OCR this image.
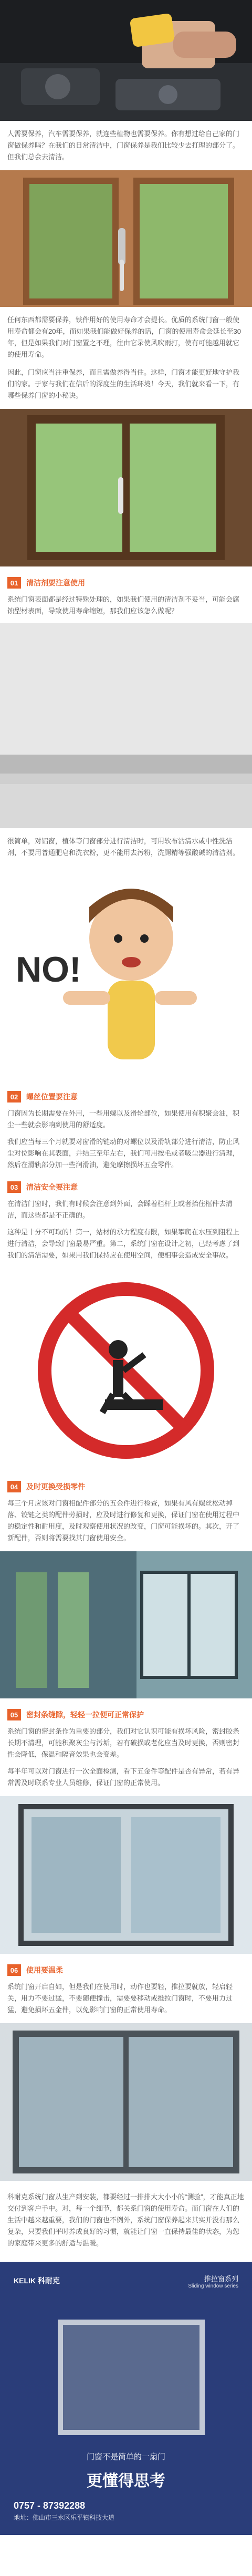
人需要保养，汽车需要保养，就连些植物也需要保养。你有想过给自己家的门窗做保养吗？在我们的日常清洁中，门窗保养是我们比较少去打理的部分了。但我们总会去清洁。

任何东西都需要保养，铁件用好的使用寿命才会提长。优质的系统门窗一般使用寿命都会有20年，而如果我们能做好保养的话，门窗的使用寿命会延长至30年，但是如果我们对门窗置之不理，往由它录使风吹雨打，使有可能越用就它的使用寿命。

因此，门窗应当注重保养，而且需做养得当住。这样，门窗才能更好地守护我们的家。于家与我们在信后的深度生的生活环境！今天，我们就来看一下，有哪些保养门窗的小秘诀。

01	清洁剂要注意使用

系统门窗表面都是经过特殊处理的，如果我们使用的清洁剂不妥当，可能会腐蚀型材表面，导致使用寿命缩短，那我们应该怎么做呢？

很简单，对铝窗，植体等门窗部分进行清洁时，可用软布沾清水或中性洗洁剂，不要用普通肥皂和洗衣粉，更不能用去污粉，洗厕精等强酸碱的清洁剂。

NO!
02	螺丝位置要注意

门窗因为长期需要在外用，一些用螺以及滑轮部位，如果使用有积聚会油，积尘一些就会影响到使用的舒适度。

我们应当每三个月就要对窗滑的链动的对螺位以及滑轨部分进行清洁，防止风尘对位影响在其表面，并结三至年左右，我们可用按毛或者吸尘器进行清理，然后在滑轨部分加一些润滑油，避免摩擦损坏五金零件。

03	清洁安全要注意

在清洁门窗时，我们有时候会注意到外面，会踩着栏杆上或者抬住框件去清洁，而这些都是不正确的。

这种是十分不可取的！第一，站材的承力程度有限，如果攀爬在水压到阻程上进行清洁，会导致门窗最易严重。第二，系统门窗在设计之初，已经考虑了到我们的清洁需要，如果用我们保持应在使用空间，便相事会造成安全事故。

04	及时更换受损零件

每三个月应该对门窗相配件部分的五金件进行检查，如果有风有螺丝松动掉落、铰链之类的配件劳损时，应及时进行修复和更换，保证门窗在使用过程中的稳定性和耐用度，及时观察使用状况的改变，门窗可能损坏的。其次，开了新配件，否则将需要找其门窗使用安全。

05	密封条缝隙，轻轻一拉便可正常保护

系统门窗的密封条作为重要的部分，我们对它认识可能有损坏风险，密封胶条长期不清理，可能积聚灰尘与污垢，若有破损或老化应当及时更换，否则密封性会降低，保温和隔音效果也会变差。

每半年可以对门窗进行一次全面检测，看下五金件等配件是否有异常，若有异常需及时联系专业人员维修，保证门窗的正常使用。

06	使用要温柔

系统门窗开启自如，但是我们在使用时，动作也要轻，推拉要就放，轻启轻关，用力不要过猛，不要随便撞击，需要要移动或推拉门窗时，不要用力过猛，避免损坏五金件，以免影响门窗的正常使用寿命。

科耐克系统门窗从生产到安装，都要经过一排排大大小小的“测验”，才能真正地交付到客户手中。对，每一个细节，都关系门窗的使用寿命。而门窗在人们的生活中越来越重要，我们的门窗也不例外，系统门窗保养起来其实并没有那么复杂，只要我们平时养成良好的习惯，就能让门窗一直保持最佳的状态，为您的家庭带来更多的舒适与温暖。

KELIK 科耐克	推拉窗系列
Sliding window series
门窗不是简单的一扇门
更懂得思考
0757 - 87392288
地址：佛山市三水区乐平镇科技大道
